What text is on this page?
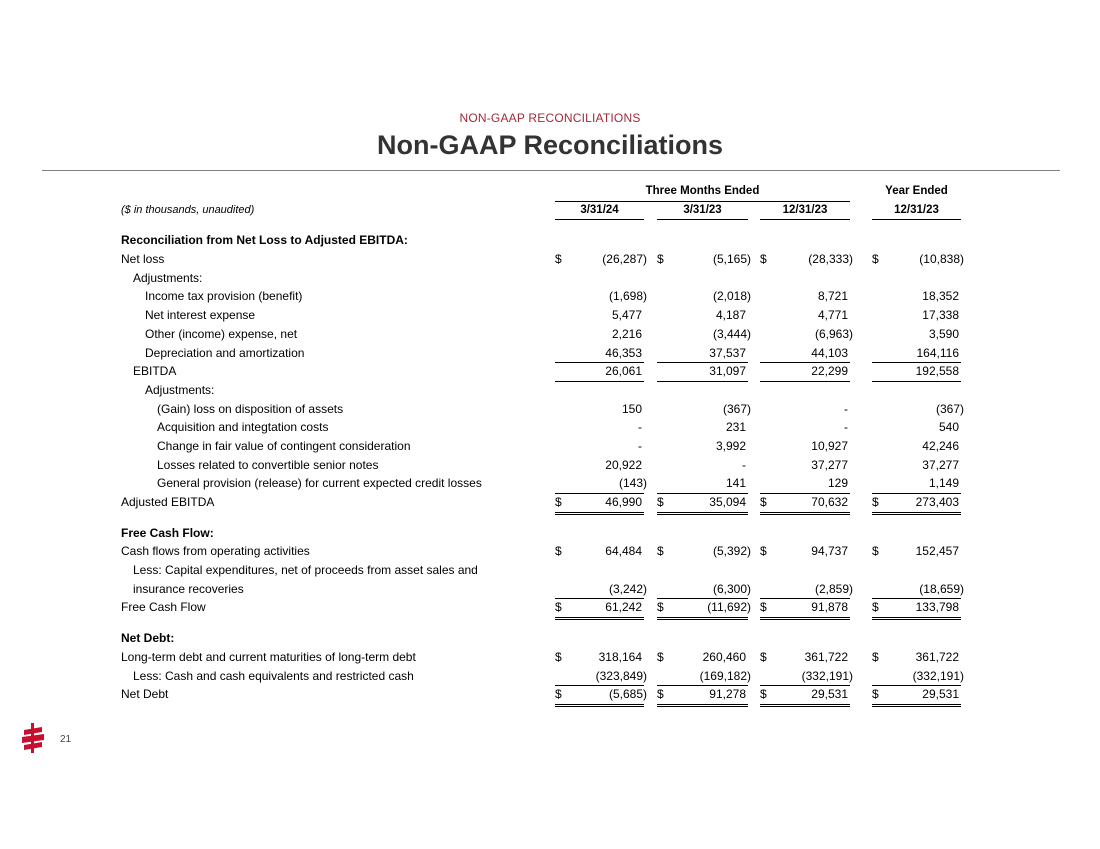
NON-GAAP RECONCILIATIONS
Non-GAAP Reconciliations
Three Months Ended	Year Ended
($ in thousands, unaudited)	3/31/24	3/31/23	12/31/23	12/31/23
Reconciliation from Net Loss to Adjusted EBITDA:
Net loss	$	(26,287) $	(5,165) $	(28,333) $	(10,838)
Adjustments:
Income tax provision (benefit)	(1,698)	(2,018)	8,721	18,352
Net interest expense	5,477	4,187	4,771	17,338
Other (income) expense, net	2,216	(3,444)	(6,963)	3,590
Depreciation and amortization	46,353	37,537	44,103	164,116
EBITDA	26,061	31,097	22,299	192,558
Adjustments:
(Gain) loss on disposition of assets	150	(367)	-	(367)
Acquisition and integtation costs	-	231	-	540
Change in fair value of contingent consideration	-	3,992	10,927	42,246
Losses related to convertible senior notes	20,922	-	37,277	37,277
General provision (release) for current expected credit losses	(143)	141	129	1,149
Adjusted EBITDA	$	46,990 $	35,094 $	70,632 $	273,403
Free Cash Flow:
Cash flows from operating activities	$	64,484 $	(5,392) $	94,737 $	152,457
Less: Capital expenditures, net of proceeds from asset sales and
insurance recoveries	(3,242)	(6,300)	(2,859)	(18,659)
Free Cash Flow	$	61,242 $	(11,692) $	91,878 $	133,798
Net Debt:
Long-term debt and current maturities of long-term debt	$	318,164 $	260,460 $	361,722 $	361,722
Less: Cash and cash equivalents and restricted cash	(323,849)	(169,182)	(332,191)	(332,191)
Net Debt	$	(5,685) $	91,278 $	29,531 $	29,531
21
